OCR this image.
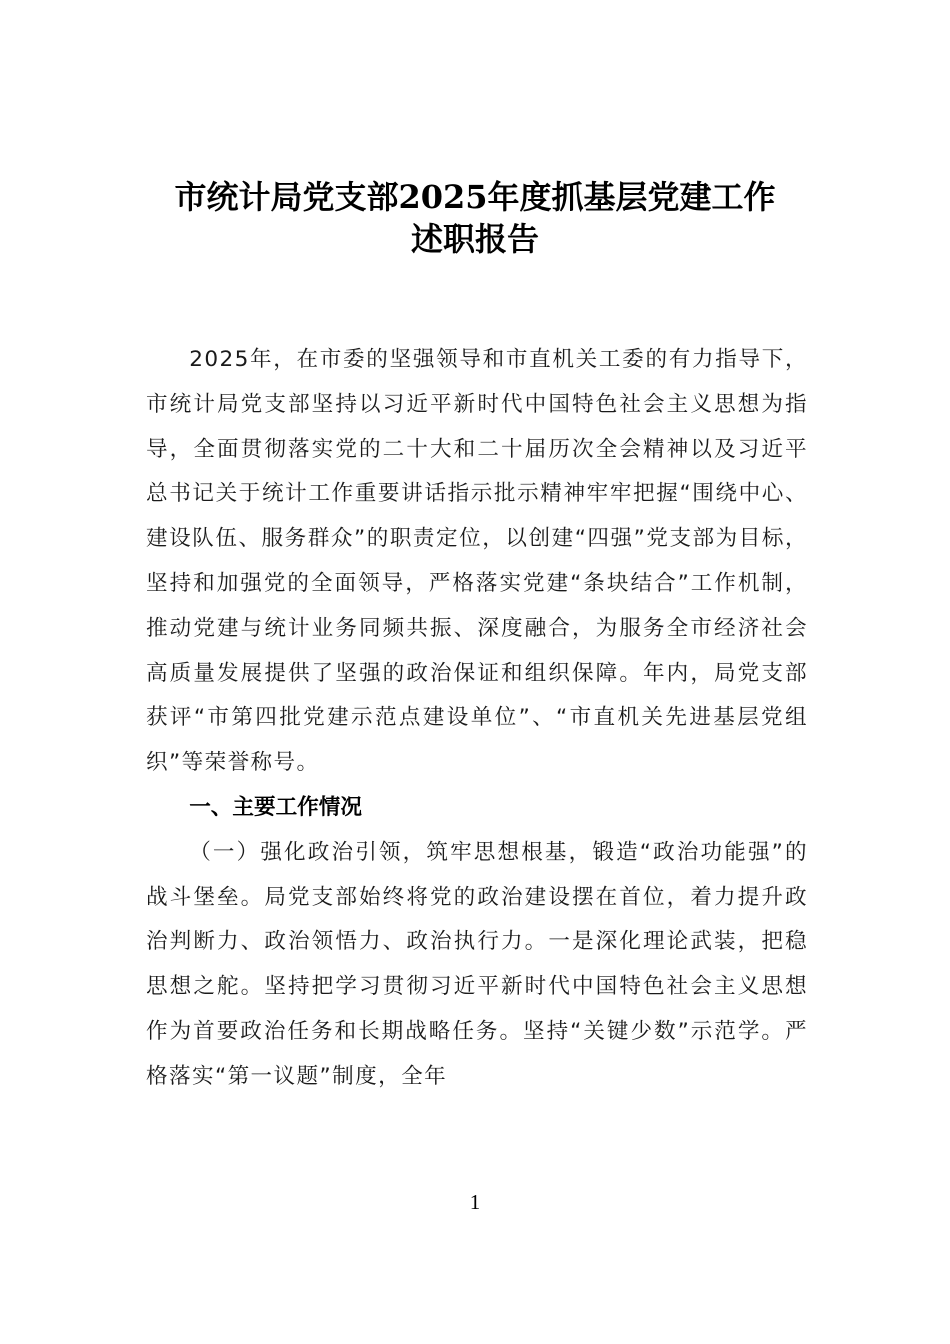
市统计局党支部2025年度抓基层党建工作
述职报告

2025年，在市委的坚强领导和市直机关工委的有力指导下，市统计局党支部坚持以习近平新时代中国特色社会主义思想为指导，全面贯彻落实党的二十大和二十届历次全会精神以及习近平总书记关于统计工作重要讲话指示批示精神牢牢把握“围绕中心、建设队伍、服务群众”的职责定位，以创建“四强”党支部为目标，坚持和加强党的全面领导，严格落实党建“条块结合”工作机制，推动党建与统计业务同频共振、深度融合，为服务全市经济社会高质量发展提供了坚强的政治保证和组织保障。年内，局党支部获评“市第四批党建示范点建设单位”、“市直机关先进基层党组织”等荣誉称号。

一、主要工作情况

（一）强化政治引领，筑牢思想根基，锻造“政治功能强”的战斗堡垒。局党支部始终将党的政治建设摆在首位，着力提升政治判断力、政治领悟力、政治执行力。一是深化理论武装，把稳思想之舵。坚持把学习贯彻习近平新时代中国特色社会主义思想作为首要政治任务和长期战略任务。坚持“关键少数”示范学。严格落实“第一议题”制度，全年

1
